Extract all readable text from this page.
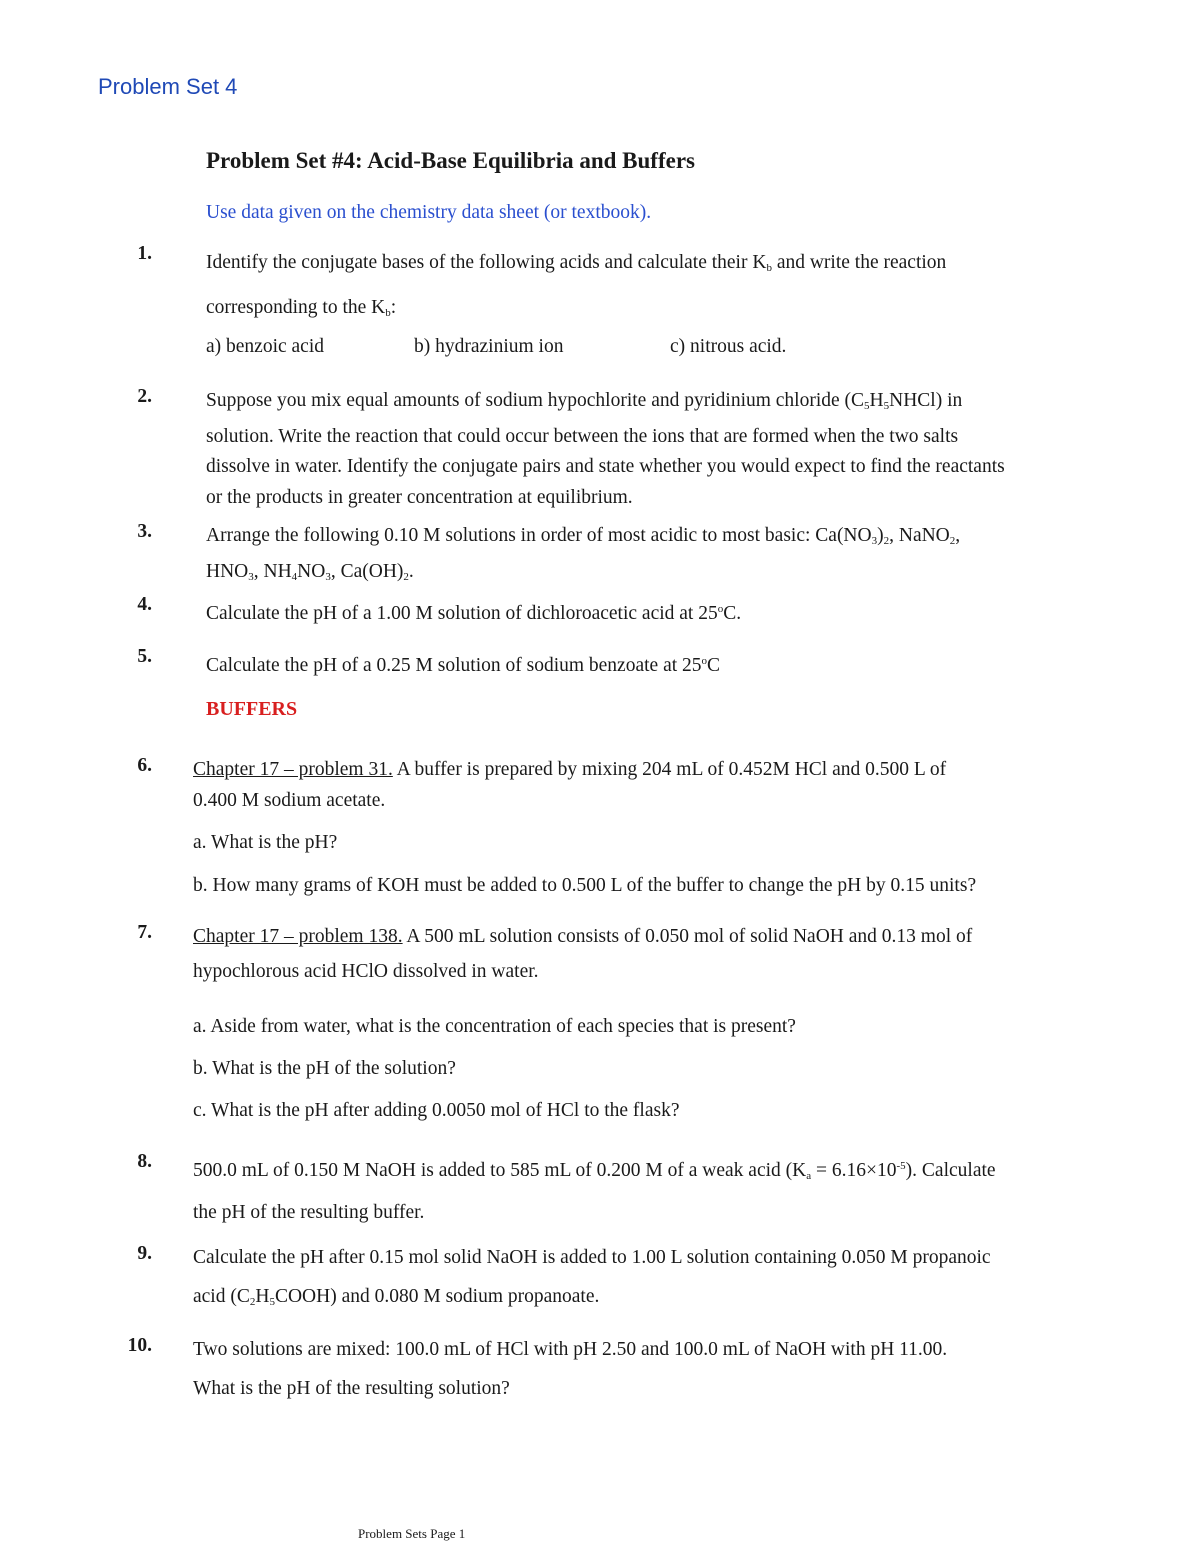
Problem Set 4
Problem Set #4: Acid-Base Equilibria and Buffers
Use data given on the chemistry data sheet (or textbook).
1.	Identify the conjugate bases of the following acids and calculate their $K_b$ and write the reaction
corresponding to the $K_b$:
a) benzoic acid	b) hydrazinium ion	c) nitrous acid.
2.	Suppose you mix equal amounts of sodium hypochlorite and pyridinium chloride $(C_5H_5NHCl)$ in
solution. Write the reaction that could occur between the ions that are formed when the two salts
dissolve in water. Identify the conjugate pairs and state whether you would expect to find the reactants
or the products in greater concentration at equilibrium.
3.	Arrange the following 0.10 M solutions in order of most acidic to most basic: $Ca(NO_3)_2$, NaNO$_2$,
$HNO_3$, $NH_4NO_3$, $Ca(OH)_2$.
4.	Calculate the pH of a 1.00 M solution of dichloroacetic acid at 25$^o$C.
5.	Calculate the pH of a 0.25 M solution of sodium benzoate at 25$^o$C
BUFFERS
6. Chapter 17 – problem 31. A buffer is prepared by mixing 204 mL of 0.452M HCl and 0.500 L of
0.400 M sodium acetate.
a. What is the pH?
b. How many grams of KOH must be added to 0.500 L of the buffer to change the pH by 0.15 units?
7. Chapter 17 – problem 138. A 500 mL solution consists of 0.050 mol of solid NaOH and 0.13 mol of
hypochlorous acid HClO dissolved in water.
a. Aside from water, what is the concentration of each species that is present?
b. What is the pH of the solution?
c. What is the pH after adding 0.0050 mol of HCl to the flask?
8. 500.0 mL of 0.150 M NaOH is added to 585 mL of 0.200 M of a weak acid $(K_a = 6.16\times 10^{-5})$. Calculate
the pH of the resulting buffer.
9. Calculate the pH after 0.15 mol solid NaOH is added to 1.00 L solution containing 0.050 M propanoic
acid $(C_2H_5COOH)$ and 0.080 M sodium propanoate.
10. Two solutions are mixed: 100.0 mL of HCl with pH 2.50 and 100.0 mL of NaOH with pH 11.00.
What is the pH of the resulting solution?
Problem Sets Page 1
